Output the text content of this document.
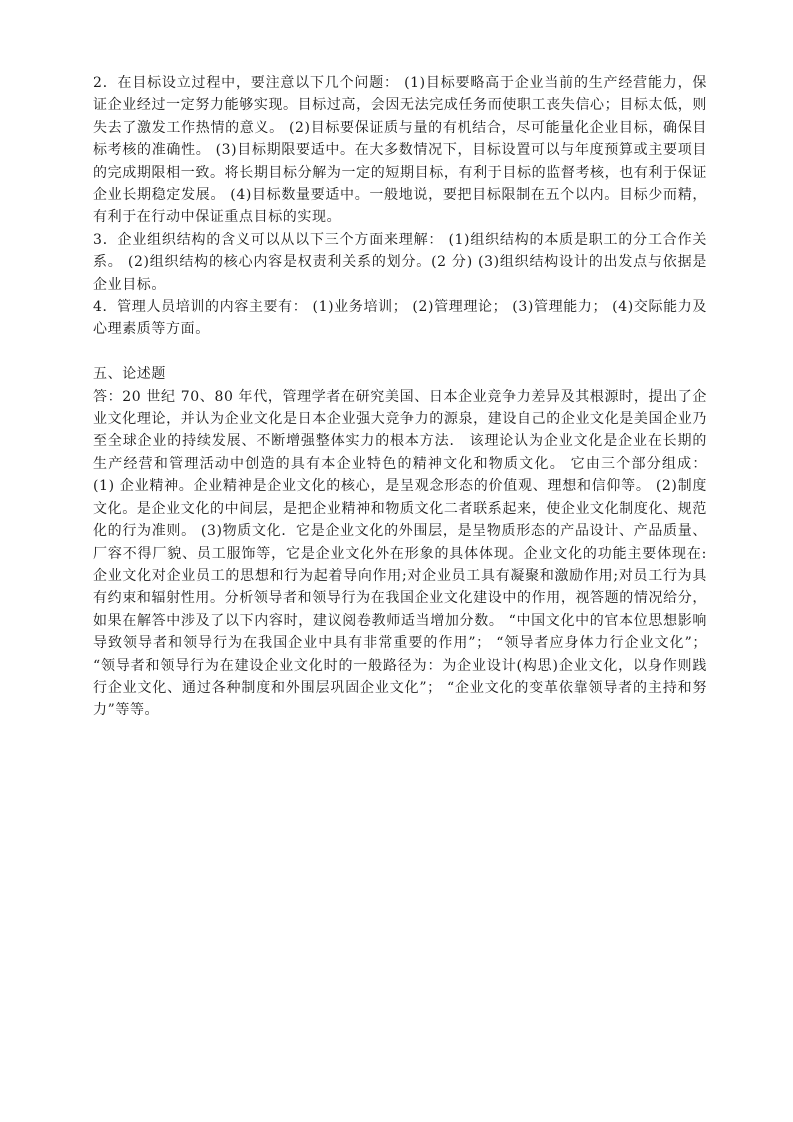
2．在目标设立过程中，要注意以下几个问题： (1)目标要略高于企业当前的生产经营能力，保证企业经过一定努力能够实现。目标过高，会因无法完成任务而使职工丧失信心；目标太低，则失去了激发工作热情的意义。 (2)目标要保证质与量的有机结合，尽可能量化企业目标，确保目标考核的准确性。 (3)目标期限要适中。在大多数情况下，目标设置可以与年度预算或主要项目的完成期限相一致。将长期目标分解为一定的短期目标，有利于目标的监督考核，也有利于保证企业长期稳定发展。 (4)目标数量要适中。一般地说，要把目标限制在五个以内。目标少而精，有利于在行动中保证重点目标的实现。

3．企业组织结构的含义可以从以下三个方面来理解： (1)组织结构的本质是职工的分工合作关系。 (2)组织结构的核心内容是权责利关系的划分。(2 分) (3)组织结构设计的出发点与依据是企业目标。

4．管理人员培训的内容主要有： (1)业务培训； (2)管理理论； (3)管理能力； (4)交际能力及心理素质等方面。

五、论述题

答：20 世纪 70、80 年代，管理学者在研究美国、日本企业竞争力差异及其根源时，提出了企业文化理论，并认为企业文化是日本企业强大竞争力的源泉，建设自己的企业文化是美国企业乃至全球企业的持续发展、不断增强整体实力的根本方法． 该理论认为企业文化是企业在长期的生产经营和管理活动中创造的具有本企业特色的精神文化和物质文化。 它由三个部分组成： (1) 企业精神。企业精神是企业文化的核心，是呈观念形态的价值观、理想和信仰等。 (2)制度文化。是企业文化的中间层，是把企业精神和物质文化二者联系起来，使企业文化制度化、规范化的行为准则。 (3)物质文化．它是企业文化的外围层，是呈物质形态的产品设计、产品质量、厂容不得厂貌、员工服饰等，它是企业文化外在形象的具体体现。企业文化的功能主要体现在:企业文化对企业员工的思想和行为起着导向作用;对企业员工具有凝聚和激励作用;对员工行为具有约束和辐射性用。分析领导者和领导行为在我国企业文化建设中的作用，视答题的情况给分，如果在解答中涉及了以下内容时，建议阅卷教师适当增加分数。 “中国文化中的官本位思想影响导致领导者和领导行为在我国企业中具有非常重要的作用”； “领导者应身体力行企业文化”； “领导者和领导行为在建设企业文化时的一般路径为：为企业设计(构思)企业文化，以身作则践行企业文化、通过各种制度和外围层巩固企业文化”； “企业文化的变革依靠领导者的主持和努力”等等。
